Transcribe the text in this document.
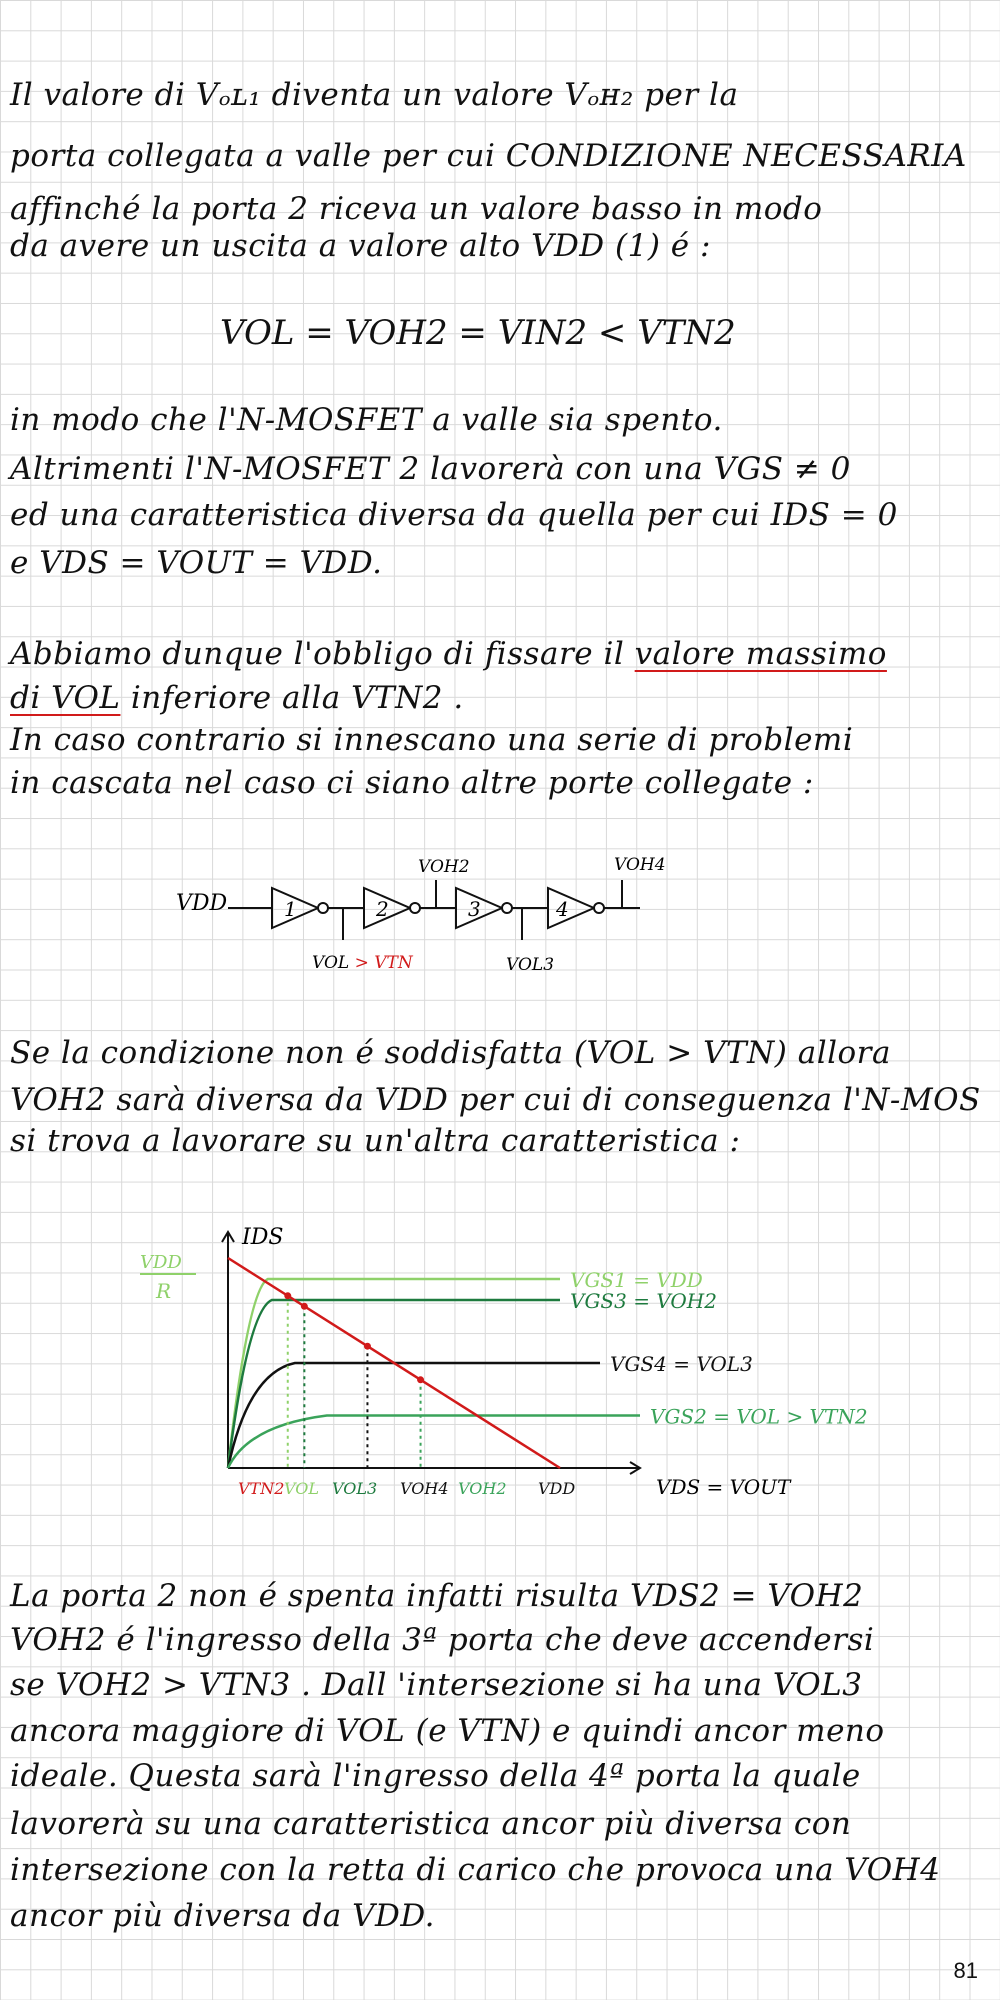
Il valore di Vₒʟ₁ diventa un valore Vₒʜ₂ per la
porta collegata a valle per cui CONDIZIONE NECESSARIA
affinché la porta 2 riceva un valore basso in modo
da avere un uscita a valore alto VDD (1) é :
VOL = VOH2 = VIN2 < VTN2
in modo che l'N-MOSFET a valle sia spento.
Altrimenti l'N-MOSFET 2 lavorerà con una VGS ≠ 0
ed una caratteristica diversa da quella per cui IDS = 0
e VDS = VOUT = VDD.
Abbiamo dunque l'obbligo di fissare il valore massimo
di VOL inferiore alla VTN2 .
In caso contrario si innescano una serie di problemi
in cascata nel caso ci siano altre porte collegate :
VDD	1	2	3	4
VOH2	VOH4
VOL > VTN	VOL3
Se la condizione non é soddisfatta (VOL > VTN) allora
VOH2 sarà diversa da VDD per cui di conseguenza l'N-MOS
si trova a lavorare su un'altra caratteristica :
IDS
VDD
R	VGS1 = VDD
VGS3 = VOH2
VGS4 = VOL3
VGS2 = VOL > VTN2
VTN2 VOL VOL3 VOH4 VOH2 VDD	VDS = VOUT
La porta 2 non é spenta infatti risulta VDS2 = VOH2
VOH2 é l'ingresso della 3ª porta che deve accendersi
se VOH2 > VTN3 . Dall 'intersezione si ha una VOL3
ancora maggiore di VOL (e VTN) e quindi ancor meno
ideale. Questa sarà l'ingresso della 4ª porta la quale
lavorerà su una caratteristica ancor più diversa con
intersezione con la retta di carico che provoca una VOH4
ancor più diversa da VDD.
81
